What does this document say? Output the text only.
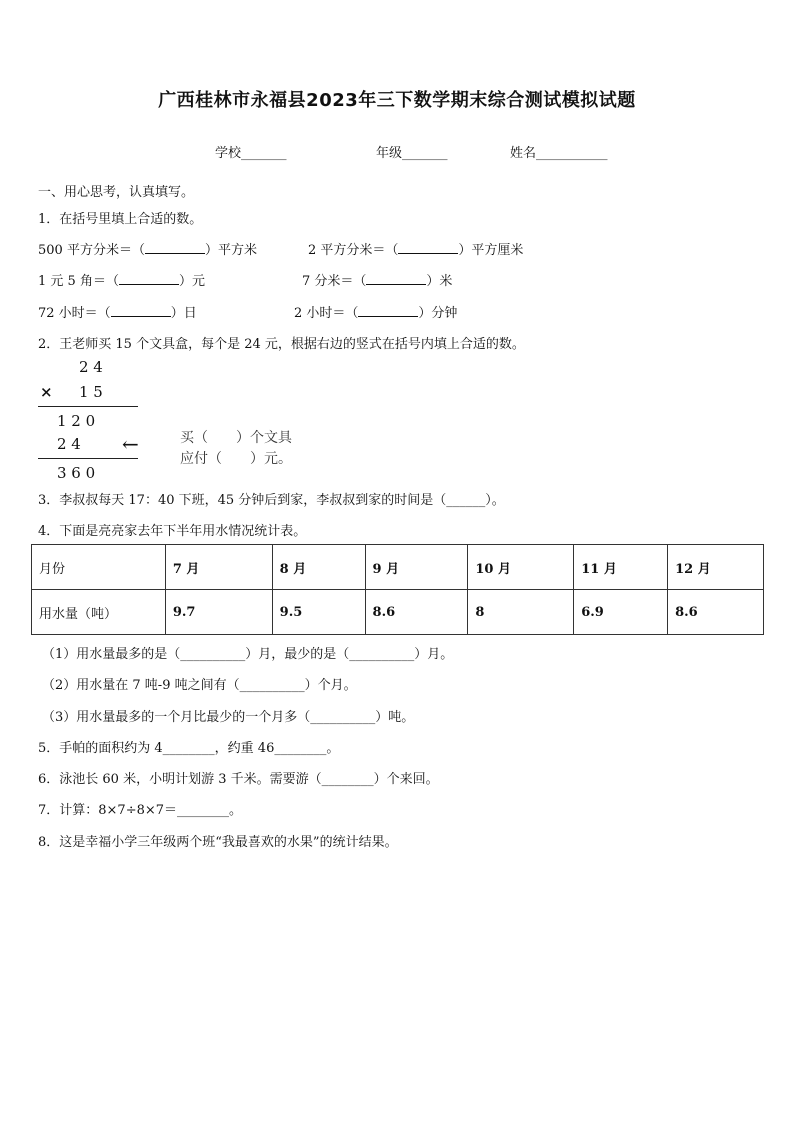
广西桂林市永福县2023年三下数学期末综合测试模拟试题
学校_______	年级_______	姓名___________
一、用心思考，认真填写。
1．在括号里填上合适的数。
500 平方分米＝（	）平方米	2 平方分米＝（	）平方厘米
1 元 5 角＝（	）元	7 分米＝（	）米
72 小时＝（	）日	2 小时＝（	）分钟
2．王老师买 15 个文具盒，每个是 24 元，根据右边的竖式在括号内填上合适的数。
2 4
× 1 5
1 2 0
2 4 ←
3 6 0
买（　　）个文具
应付（　　）元。
3．李叔叔每天 17：40 下班，45 分钟后到家，李叔叔到家的时间是（______）。
4．下面是亮亮家去年下半年用水情况统计表。
月份	7 月	8 月	9 月	10 月	11 月	12 月
用水量（吨）	9.7	9.5	8.6	8	6.9	8.6
（1）用水量最多的是（__________）月，最少的是（__________）月。
（2）用水量在 7 吨-9 吨之间有（__________）个月。
（3）用水量最多的一个月比最少的一个月多（__________）吨。
5．手帕的面积约为 4________，约重 46________。
6．泳池长 60 米，小明计划游 3 千米。需要游（________）个来回。
7．计算：8×7÷8×7＝________。
8．这是幸福小学三年级两个班“我最喜欢的水果”的统计结果。
